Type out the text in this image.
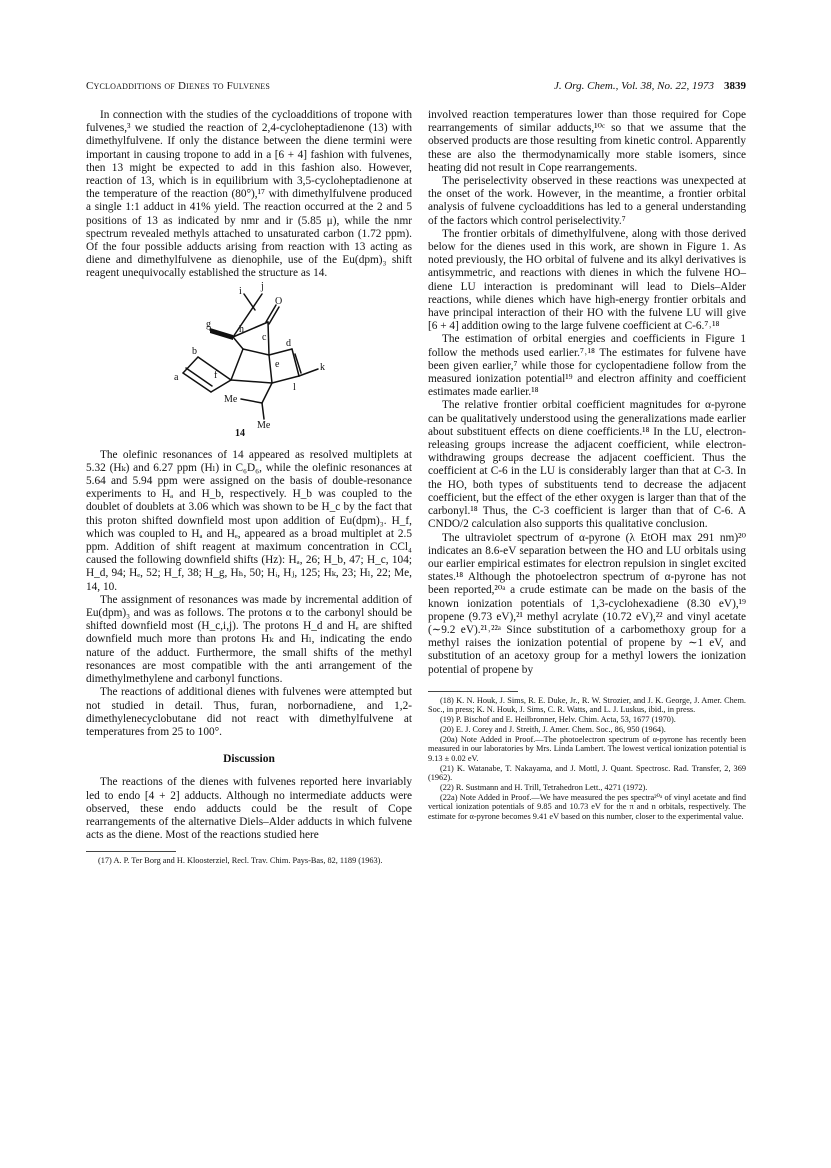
Cycloadditions of Dienes to Fulvenes	J. Org. Chem., Vol. 38, No. 22, 1973 3839

In connection with the studies of the cycloadditions of tropone with fulvenes,³ we studied the reaction of 2,4-cycloheptadienone (13) with dimethylfulvene. If only the distance between the diene termini were important in causing tropone to add in a [6 + 4] fashion with fulvenes, then 13 might be expected to add in this fashion also. However, reaction of 13, which is in equilibrium with 3,5-cycloheptadienone at the temperature of the reaction (80°),¹⁷ with dimethylfulvene produced a single 1:1 adduct in 41% yield. The reaction occurred at the 2 and 5 positions of 13 as indicated by nmr and ir (5.85 μ), while the nmr spectrum revealed methyls attached to unsaturated carbon (1.72 ppm). Of the four possible adducts arising from reaction with 13 acting as diene and dimethylfulvene as dienophile, use of the Eu(dpm)₃ shift reagent unequivocally established the structure as 14.

i j
O
g	h
c
d
b
e	k
a	f
Me
l
Me
14

The olefinic resonances of 14 appeared as resolved multiplets at 5.32 (Hₖ) and 6.27 ppm (Hₗ) in C₆D₆, while the olefinic resonances at 5.64 and 5.94 ppm were assigned on the basis of double-resonance experiments to Hₐ and H_b, respectively. H_b was coupled to the doublet of doublets at 3.06 which was shown to be H_c by the fact that this proton shifted downfield most upon addition of Eu(dpm)₃. H_f, which was coupled to Hₐ and Hₑ, appeared as a broad multiplet at 2.5 ppm. Addition of shift reagent at maximum concentration in CCl₄ caused the following downfield shifts (Hz): Hₐ, 26; H_b, 47; H_c, 104; H_d, 94; Hₑ, 52; H_f, 38; H_g, Hₕ, 50; Hᵢ, Hⱼ, 125; Hₖ, 23; Hₗ, 22; Me, 14, 10.

The assignment of resonances was made by incremental addition of Eu(dpm)₃ and was as follows. The protons α to the carbonyl should be shifted downfield most (H_c,i,j). The protons H_d and Hₑ are shifted downfield much more than protons Hₖ and Hₗ, indicating the endo nature of the adduct. Furthermore, the small shifts of the methyl resonances are most compatible with the anti arrangement of the dimethylmethylene and carbonyl functions.

The reactions of additional dienes with fulvenes were attempted but not studied in detail. Thus, furan, norbornadiene, and 1,2-dimethylenecyclobutane did not react with dimethylfulvene at temperatures from 25 to 100°.

Discussion

The reactions of the dienes with fulvenes reported here invariably led to endo [4 + 2] adducts. Although no intermediate adducts were observed, these endo adducts could be the result of Cope rearrangements of the alternative Diels–Alder adducts in which fulvene acts as the diene. Most of the reactions studied here

(17) A. P. Ter Borg and H. Kloosterziel, Recl. Trav. Chim. Pays-Bas, 82, 1189 (1963).

involved reaction temperatures lower than those required for Cope rearrangements of similar adducts,¹⁰ᶜ so that we assume that the observed products are those resulting from kinetic control. Apparently these are also the thermodynamically more stable isomers, since heating did not result in Cope rearrangements.

The periselectivity observed in these reactions was unexpected at the onset of the work. However, in the meantime, a frontier orbital analysis of fulvene cycloadditions has led to a general understanding of the factors which control periselectivity.⁷

The frontier orbitals of dimethylfulvene, along with those derived below for the dienes used in this work, are shown in Figure 1. As noted previously, the HO orbital of fulvene and its alkyl derivatives is antisymmetric, and reactions with dienes in which the fulvene HO–diene LU interaction is predominant will lead to Diels–Alder reactions, while dienes which have high-energy frontier orbitals and have principal interaction of their HO with the fulvene LU will give [6 + 4] addition owing to the large fulvene coefficient at C-6.⁷˒¹⁸

The estimation of orbital energies and coefficients in Figure 1 follow the methods used earlier.⁷˒¹⁸ The estimates for fulvene have been given earlier,⁷ while those for cyclopentadiene follow from the measured ionization potential¹⁹ and electron affinity and coefficient estimates made earlier.¹⁸

The relative frontier orbital coefficient magnitudes for α-pyrone can be qualitatively understood using the generalizations made earlier about substituent effects on diene coefficients.¹⁸ In the LU, electron-releasing groups increase the adjacent coefficient, while electron-withdrawing groups decrease the adjacent coefficient. Thus the coefficient at C-6 in the LU is considerably larger than that at C-3. In the HO, both types of substituents tend to decrease the adjacent coefficient, but the effect of the ether oxygen is larger than that of the carbonyl.¹⁸ Thus, the C-3 coefficient is larger than that of C-6. A CNDO/2 calculation also supports this qualitative conclusion.

The ultraviolet spectrum of α-pyrone (λ EtOH max 291 nm)²⁰ indicates an 8.6-eV separation between the HO and LU orbitals using our earlier empirical estimates for electron repulsion in singlet excited states.¹⁸ Although the photoelectron spectrum of α-pyrone has not been reported,²⁰ᵃ a crude estimate can be made on the basis of the known ionization potentials of 1,3-cyclohexadiene (8.30 eV),¹⁹ propene (9.73 eV),²¹ methyl acrylate (10.72 eV),²² and vinyl acetate (∼9.2 eV).²¹˒²²ᵃ Since substitution of a carbomethoxy group for a methyl raises the ionization potential of propene by ∼1 eV, and substitution of an acetoxy group for a methyl lowers the ionization potential of propene by

(18) K. N. Houk, J. Sims, R. E. Duke, Jr., R. W. Strozier, and J. K. George, J. Amer. Chem. Soc., in press; K. N. Houk, J. Sims, C. R. Watts, and L. J. Luskus, ibid., in press.

(19) P. Bischof and E. Heilbronner, Helv. Chim. Acta, 53, 1677 (1970).

(20) E. J. Corey and J. Streith, J. Amer. Chem. Soc., 86, 950 (1964).

(20a) Note Added in Proof.—The photoelectron spectrum of α-pyrone has recently been measured in our laboratories by Mrs. Linda Lambert. The lowest vertical ionization potential is 9.13 ± 0.02 eV.

(21) K. Watanabe, T. Nakayama, and J. Mottl, J. Quant. Spectrosc. Rad. Transfer, 2, 369 (1962).

(22) R. Sustmann and H. Trill, Tetrahedron Lett., 4271 (1972).

(22a) Note Added in Proof.—We have measured the pes spectra²⁰ᵃ of vinyl acetate and find vertical ionization potentials of 9.85 and 10.73 eV for the π and n orbitals, respectively. The estimate for α-pyrone becomes 9.41 eV based on this number, closer to the experimental value.
